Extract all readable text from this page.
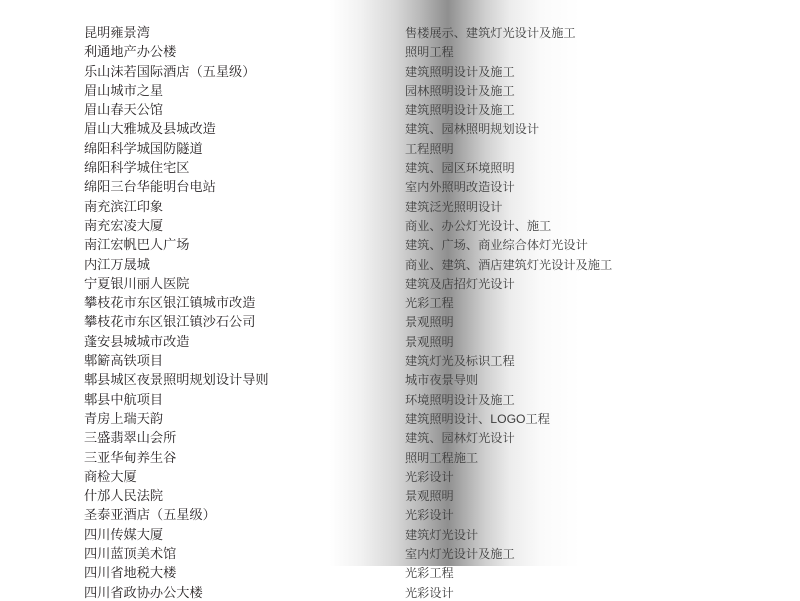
昆明雍景湾	售楼展示、建筑灯光设计及施工
利通地产办公楼	照明工程
乐山沫若国际酒店（五星级）	建筑照明设计及施工
眉山城市之星	园林照明设计及施工
眉山春天公馆	建筑照明设计及施工
眉山大雅城及县城改造	建筑、园林照明规划设计
绵阳科学城国防隧道	工程照明
绵阳科学城住宅区	建筑、园区环境照明
绵阳三台华能明台电站	室内外照明改造设计
南充滨江印象	建筑泛光照明设计
南充宏凌大厦	商业、办公灯光设计、施工
南江宏帆巴人广场	建筑、广场、商业综合体灯光设计
内江万晟城	商业、建筑、酒店建筑灯光设计及施工
宁夏银川丽人医院	建筑及店招灯光设计
攀枝花市东区银江镇城市改造	光彩工程
攀枝花市东区银江镇沙石公司	景观照明
蓬安县城城市改造	景观照明
郫簖高铁项目	建筑灯光及标识工程
郫县城区夜景照明规划设计导则	城市夜景导则
郫县中航项目	环境照明设计及施工
青房上瑞天韵	建筑照明设计、LOGO工程
三盛翡翠山会所	建筑、园林灯光设计
三亚华甸养生谷	照明工程施工
商检大厦	光彩设计
什邡人民法院	景观照明
圣泰亚酒店（五星级）	光彩设计
四川传媒大厦	建筑灯光设计
四川蓝顶美术馆	室内灯光设计及施工
四川省地税大楼	光彩工程
四川省政协办公大楼	光彩设计
